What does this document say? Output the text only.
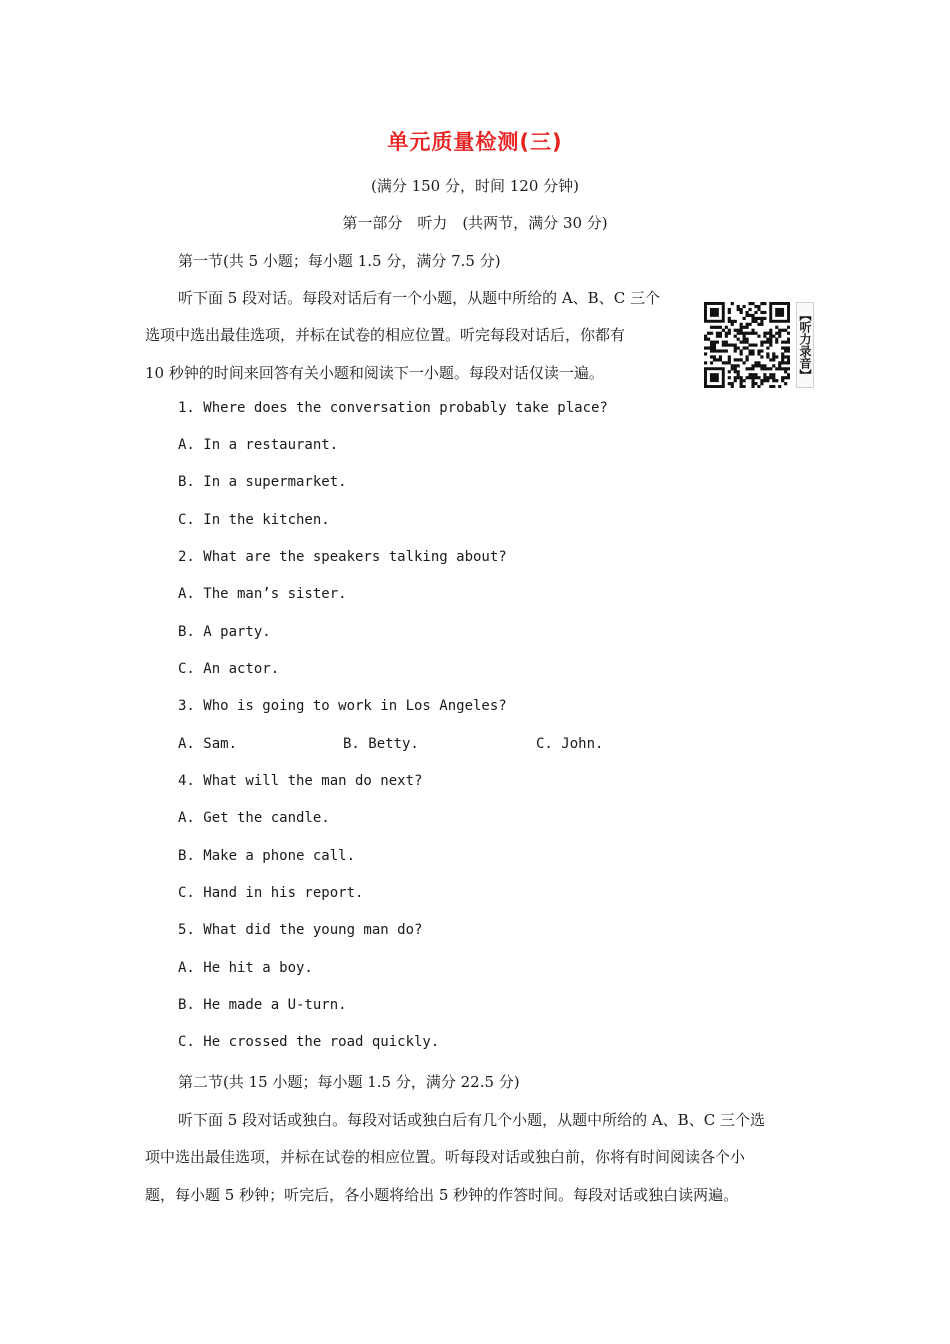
单元质量检测(三)
(满分 150 分，时间 120 分钟)
第一部分　听力　(共两节，满分 30 分)
第一节(共 5 小题；每小题 1.5 分，满分 7.5 分)
听下面 5 段对话。每段对话后有一个小题，从题中所给的 A、B、C 三个
选项中选出最佳选项，并标在试卷的相应位置。听完每段对话后，你都有
10 秒钟的时间来回答有关小题和阅读下一小题。每段对话仅读一遍。	【听力录音】
1. Where does the conversation probably take place?
A. In a restaurant.
B. In a supermarket.
C. In the kitchen.
2. What are the speakers talking about?
A. The man’s sister.
B. A party.
C. An actor.
3. Who is going to work in Los Angeles?
A. Sam.	B. Betty.	C. John.
4. What will the man do next?
A. Get the candle.
B. Make a phone call.
C. Hand in his report.
5. What did the young man do?
A. He hit a boy.
B. He made a U-turn.
C. He crossed the road quickly.
第二节(共 15 小题；每小题 1.5 分，满分 22.5 分)
听下面 5 段对话或独白。每段对话或独白后有几个小题，从题中所给的 A、B、C 三个选
项中选出最佳选项，并标在试卷的相应位置。听每段对话或独白前，你将有时间阅读各个小
题，每小题 5 秒钟；听完后，各小题将给出 5 秒钟的作答时间。每段对话或独白读两遍。
